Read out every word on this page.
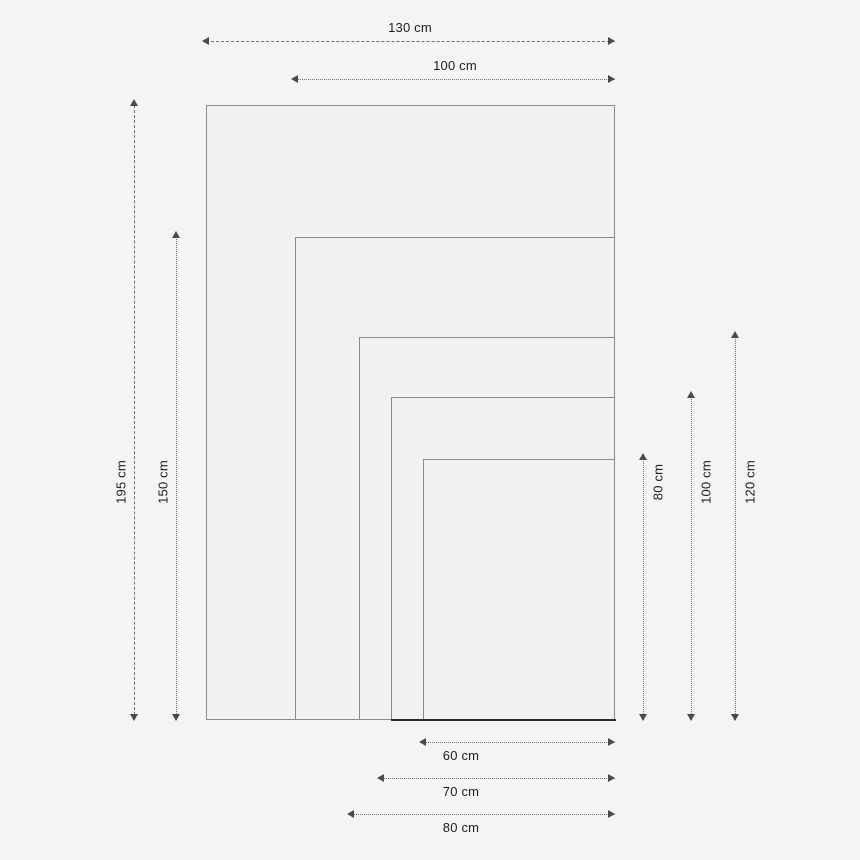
130 cm
100 cm
60 cm
70 cm
80 cm
195 cm 150 cm	80 cm	100 cm 120 cm
